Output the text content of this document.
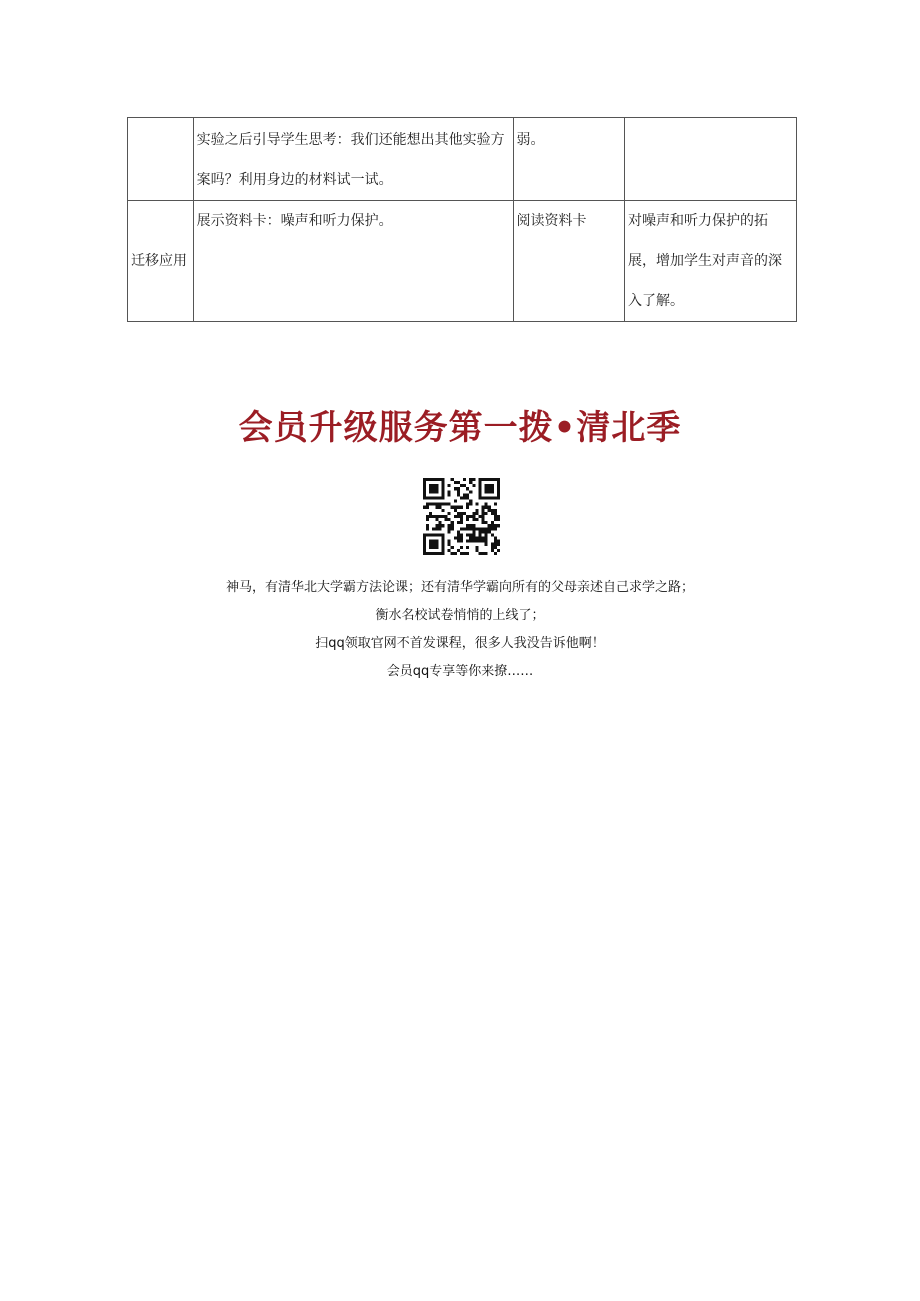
	实验之后引导学生思考：我们还能想出其他实验方案吗？利用身边的材料试一试。	弱。	
迁移应用	展示资料卡：噪声和听力保护。	阅读资料卡	对噪声和听力保护的拓展，增加学生对声音的深入了解。
会员升级服务第一拨•清北季

神马，有清华北大学霸方法论课；还有清华学霸向所有的父母亲述自己求学之路；

衡水名校试卷悄悄的上线了；

扫qq领取官网不首发课程，很多人我没告诉他啊！

会员qq专享等你来撩……
